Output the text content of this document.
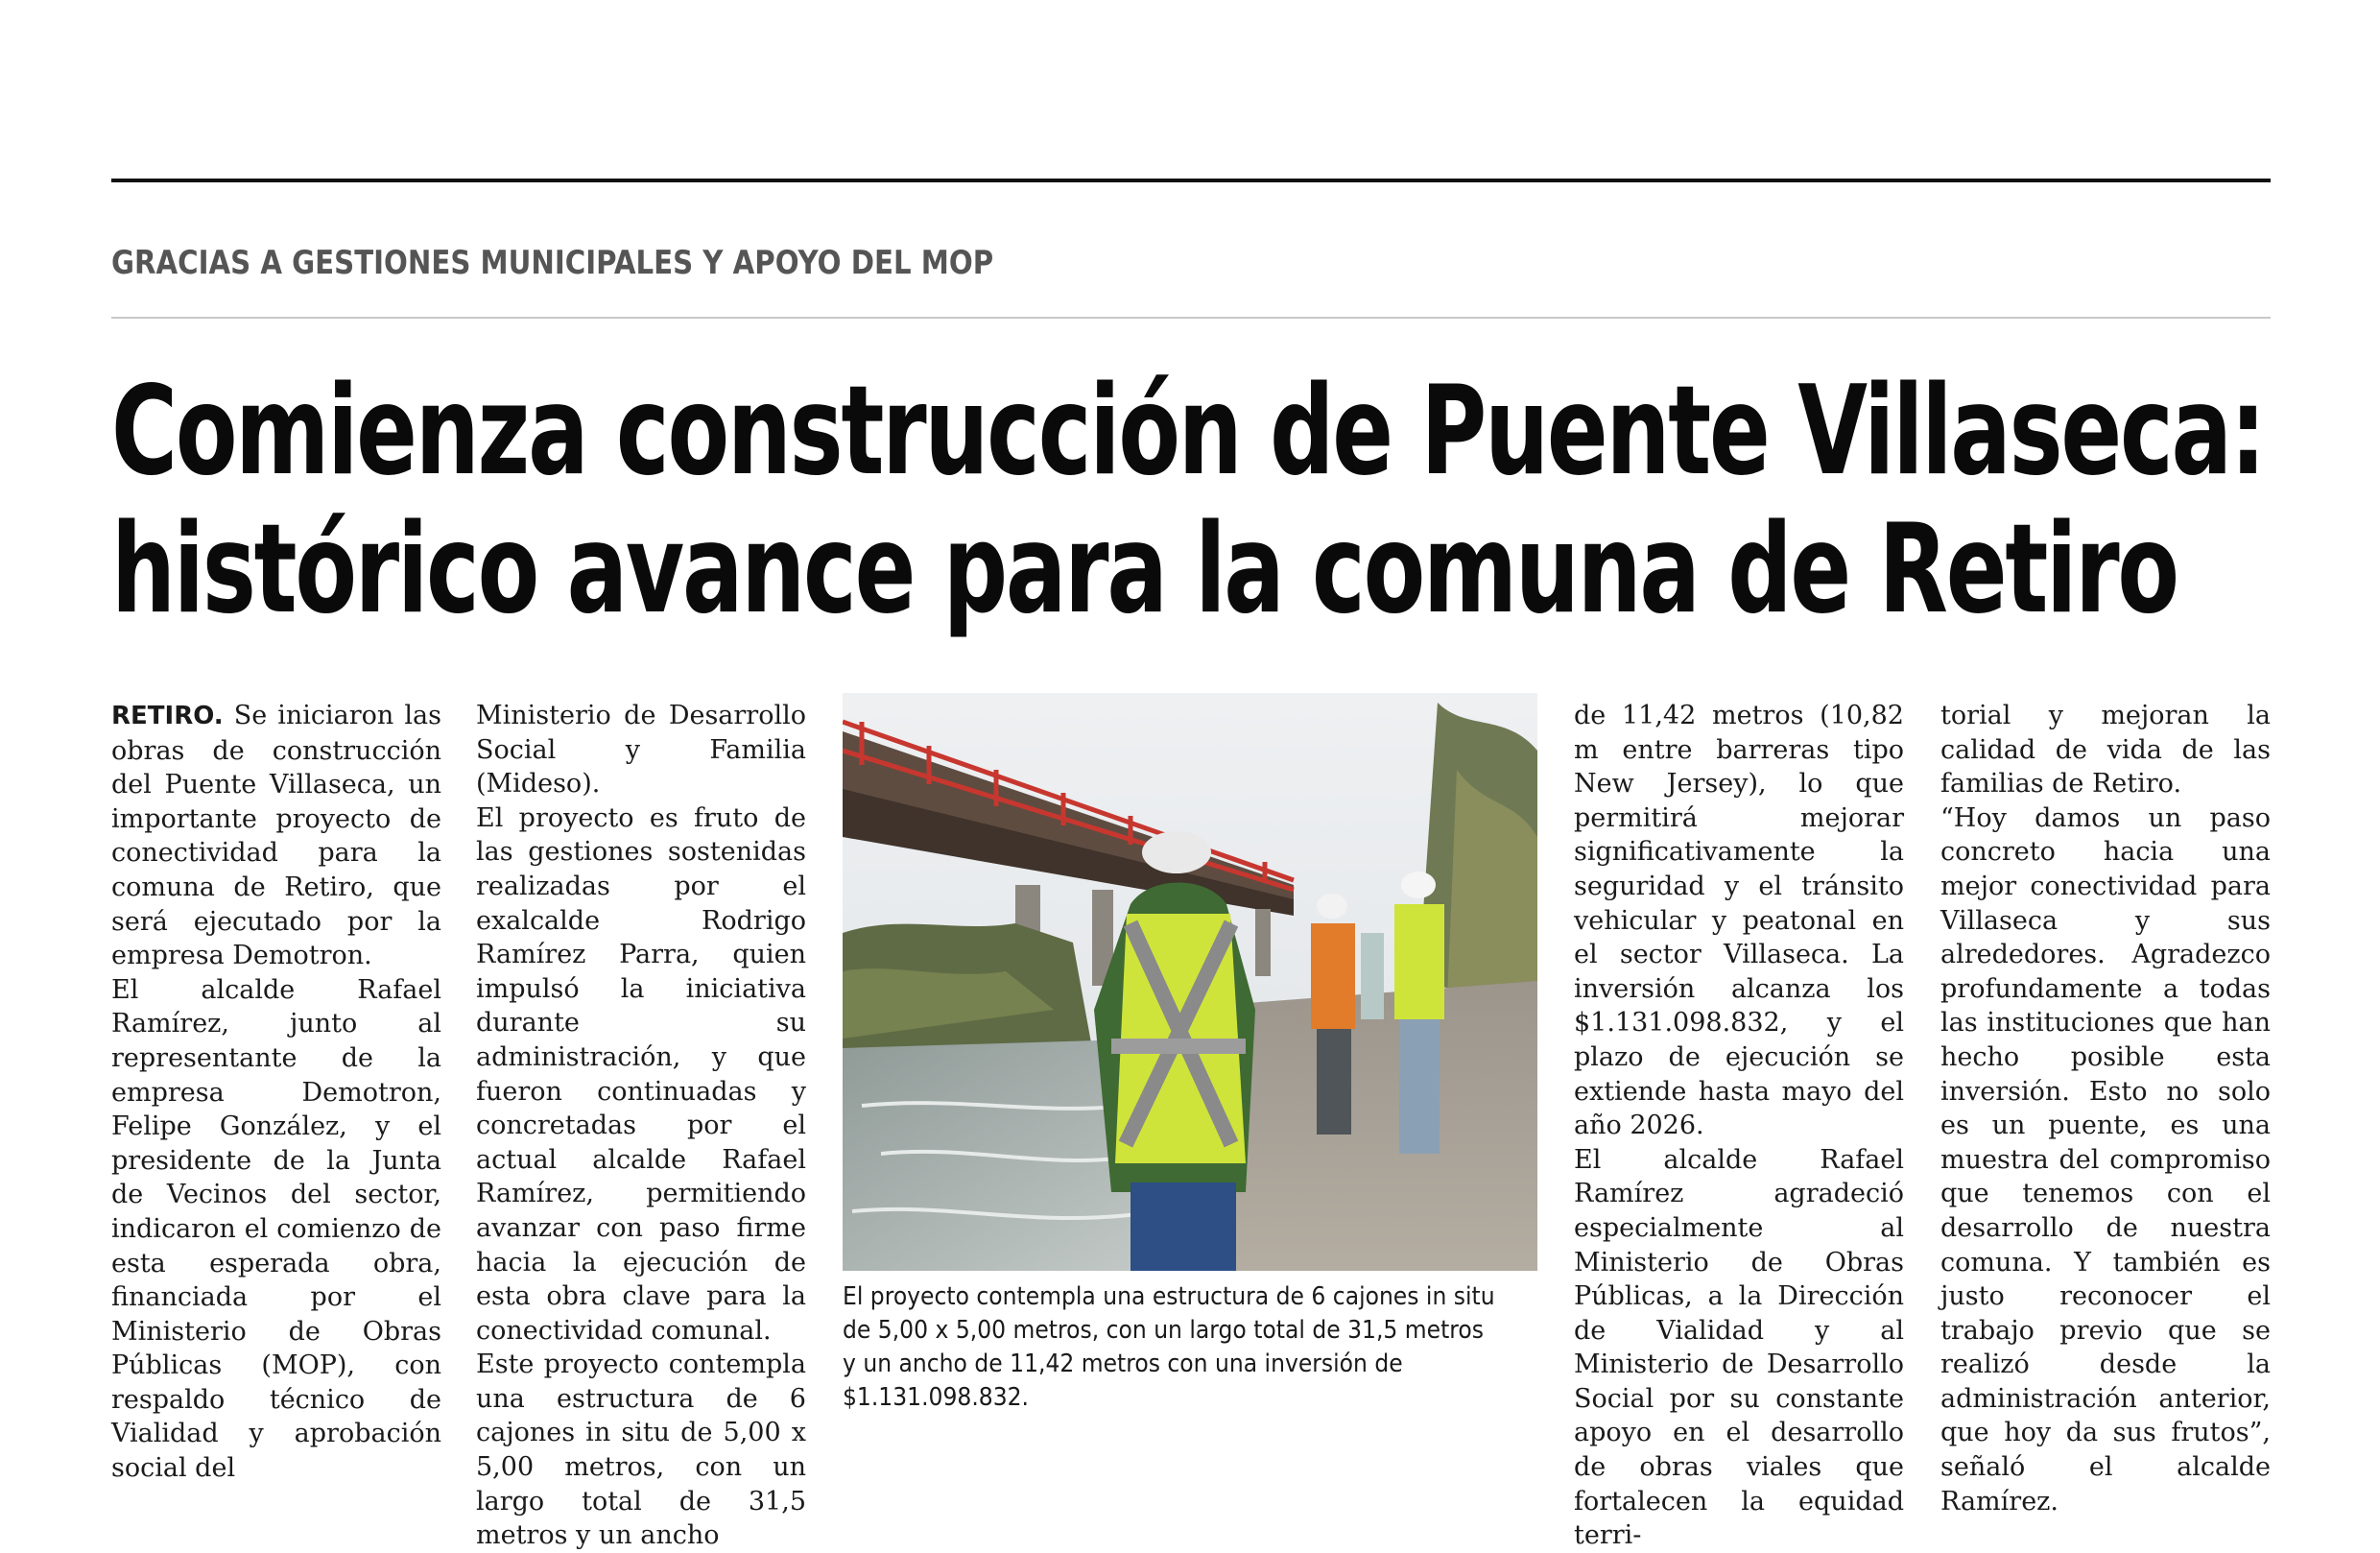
GRACIAS A GESTIONES MUNICIPALES Y APOYO DEL MOP
Comienza construcción de Puente Villaseca:
histórico avance para la comuna de Retiro

RETIRO. Se iniciaron las obras de construcción del Puente Villaseca, un importante proyecto de conectividad para la comuna de Retiro, que será ejecutado por la empresa Demotron.

El alcalde Rafael Ramírez, junto al representante de la empresa Demotron, Felipe González, y el presidente de la Junta de Vecinos del sector, indicaron el comienzo de esta esperada obra, financiada por el Ministerio de Obras Públicas (MOP), con respaldo técnico de Vialidad y aprobación social del

Ministerio de Desarrollo Social y Familia (Mideso).

El proyecto es fruto de las gestiones sostenidas realizadas por el exalcalde Rodrigo Ramírez Parra, quien impulsó la iniciativa durante su administración, y que fueron continuadas y concretadas por el actual alcalde Rafael Ramírez, permitiendo avanzar con paso firme hacia la ejecución de esta obra clave para la conectividad comunal.

Este proyecto contempla una estructura de 6 cajones in situ de 5,00 x 5,00 metros, con un largo total de 31,5 metros y un ancho

El proyecto contempla una estructura de 6 cajones in situ de 5,00 x 5,00 metros, con un largo total de 31,5 metros y un ancho de 11,42 metros con una inversión de $1.131.098.832.

de 11,42 metros (10,82 m entre barreras tipo New Jersey), lo que permitirá mejorar significativamente la seguridad y el tránsito vehicular y peatonal en el sector Villaseca. La inversión alcanza los $1.131.098.832, y el plazo de ejecución se extiende hasta mayo del año 2026.

El alcalde Rafael Ramírez agradeció especialmente al Ministerio de Obras Públicas, a la Dirección de Vialidad y al Ministerio de Desarrollo Social por su constante apoyo en el desarrollo de obras viales que fortalecen la equidad terri-

torial y mejoran la calidad de vida de las familias de Retiro.

“Hoy damos un paso concreto hacia una mejor conectividad para Villaseca y sus alrededores. Agradezco profundamente a todas las instituciones que han hecho posible esta inversión. Esto no solo es un puente, es una muestra del compromiso que tenemos con el desarrollo de nuestra comuna. Y también es justo reconocer el trabajo previo que se realizó desde la administración anterior, que hoy da sus frutos”, señaló el alcalde Ramírez.
